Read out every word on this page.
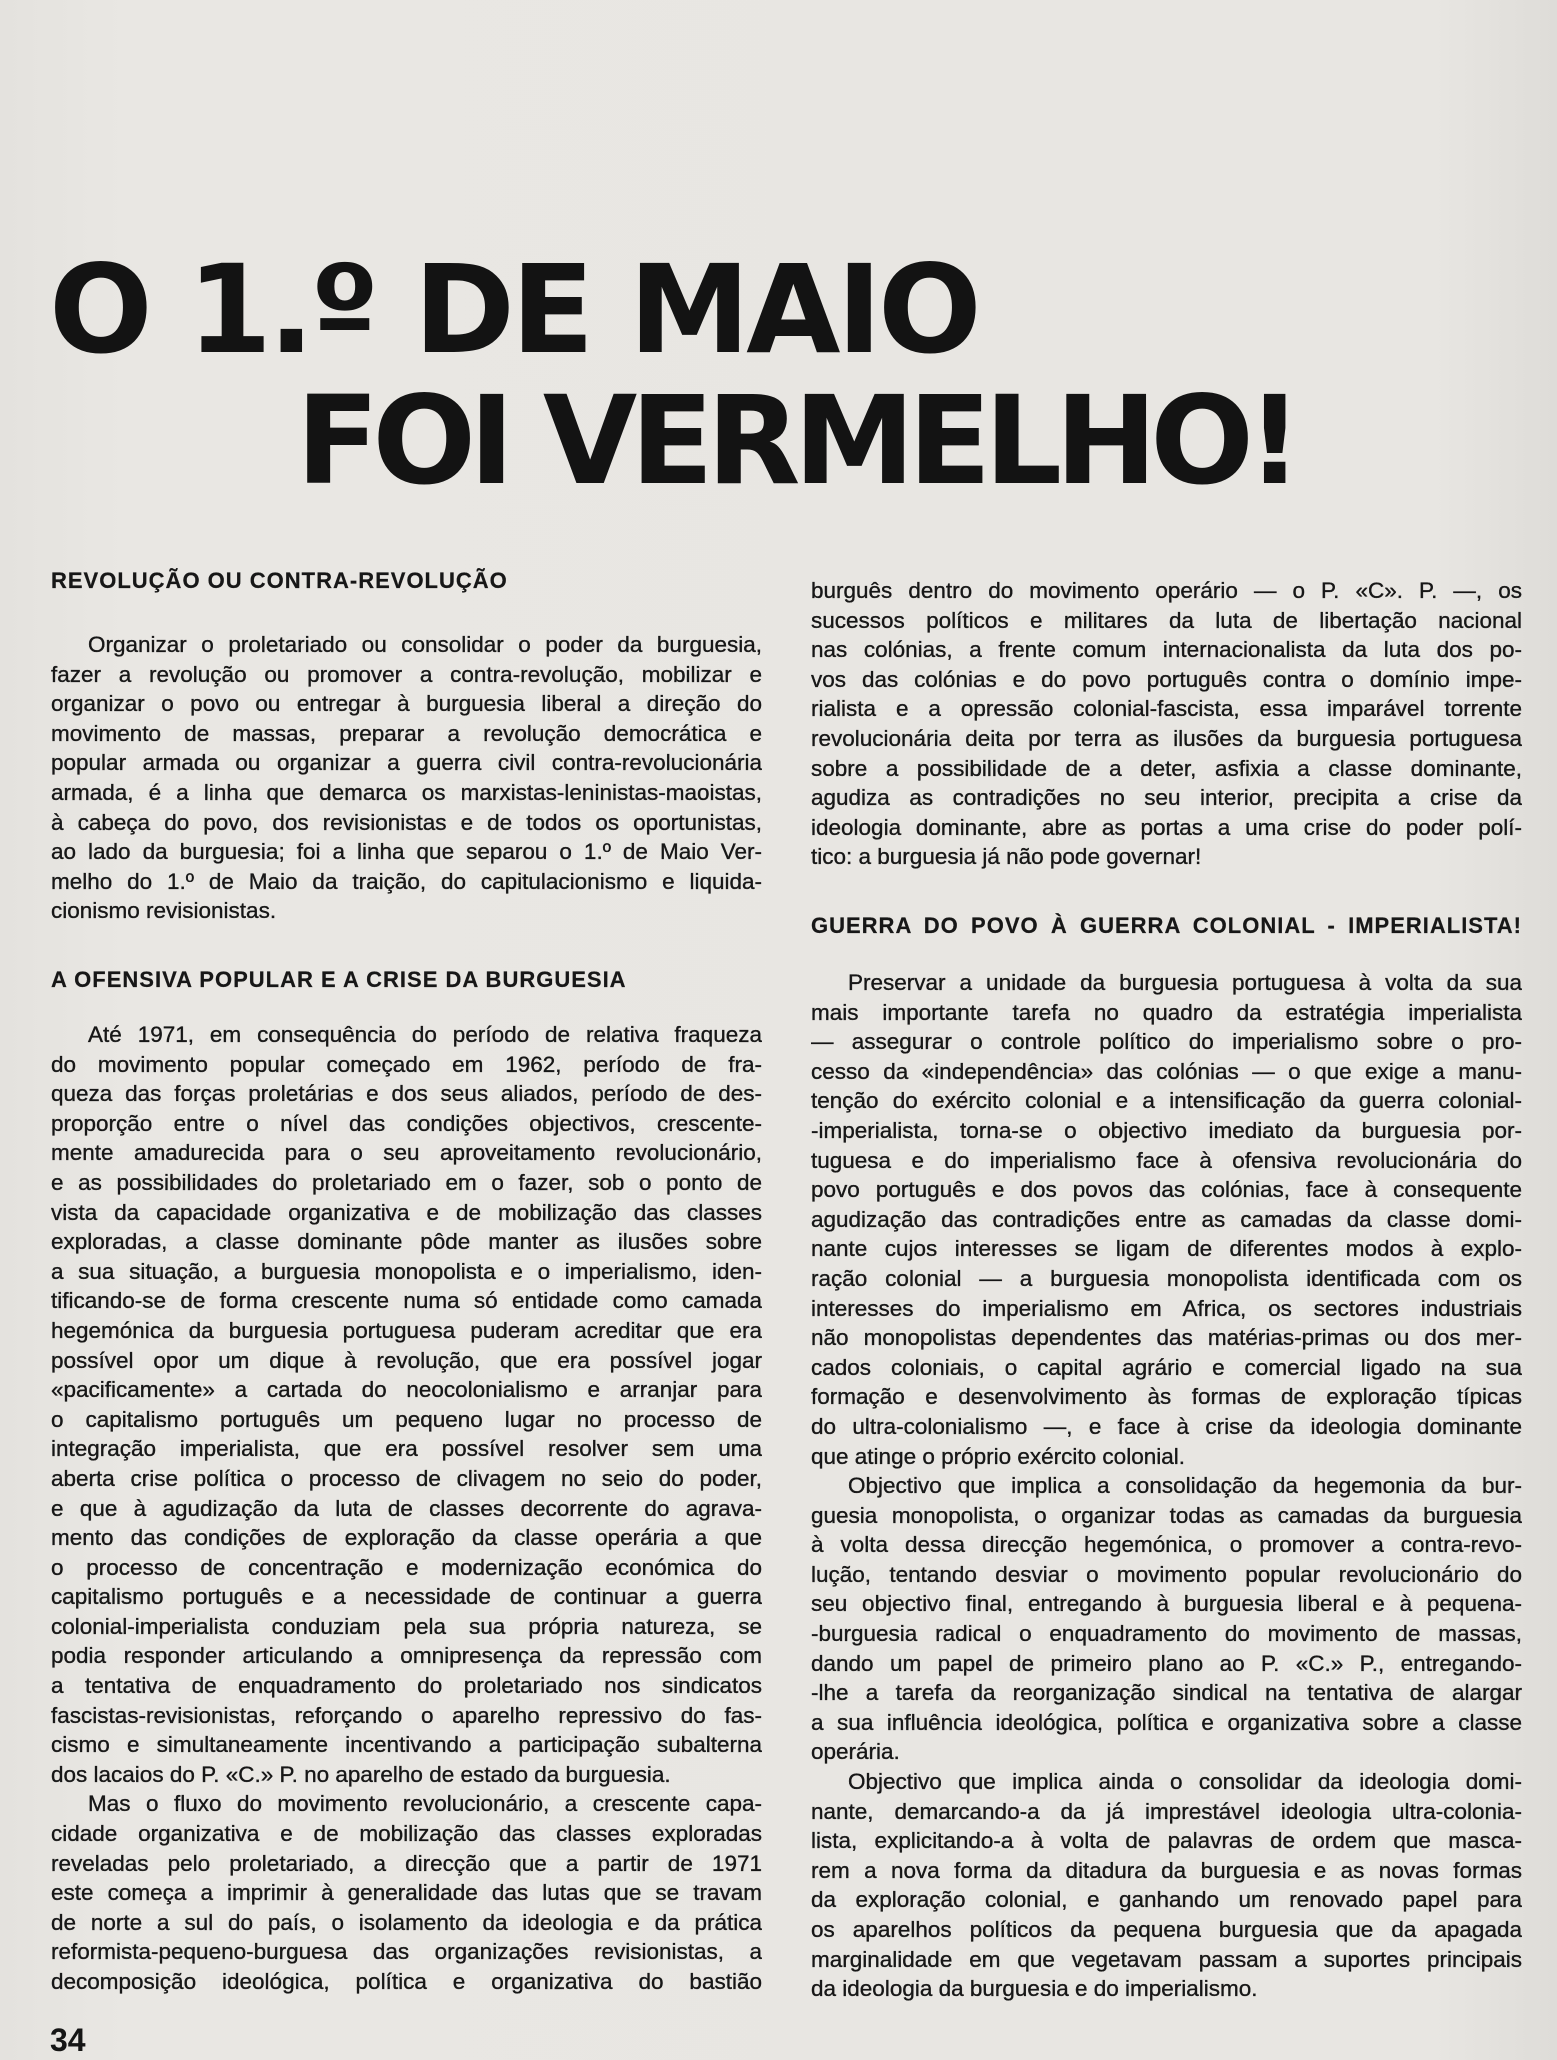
O 1.º DE MAIO
FOI VERMELHO!
REVOLUÇÃO OU CONTRA-REVOLUÇÃO
Organizar o proletariado ou consolidar o poder da burguesia,
fazer a revolução ou promover a contra-revolução, mobilizar e
organizar o povo ou entregar à burguesia liberal a direção do
movimento de massas, preparar a revolução democrática e
popular armada ou organizar a guerra civil contra-revolucionária
armada, é a linha que demarca os marxistas-leninistas-maoistas,
à cabeça do povo, dos revisionistas e de todos os oportunistas,
ao lado da burguesia; foi a linha que separou o 1.º de Maio Ver-
melho do 1.º de Maio da traição, do capitulacionismo e liquida-
cionismo revisionistas.
A OFENSIVA POPULAR E A CRISE DA BURGUESIA
Até 1971, em consequência do período de relativa fraqueza
do movimento popular começado em 1962, período de fra-
queza das forças proletárias e dos seus aliados, período de des-
proporção entre o nível das condições objectivos, crescente-
mente amadurecida para o seu aproveitamento revolucionário,
e as possibilidades do proletariado em o fazer, sob o ponto de
vista da capacidade organizativa e de mobilização das classes
exploradas, a classe dominante pôde manter as ilusões sobre
a sua situação, a burguesia monopolista e o imperialismo, iden-
tificando-se de forma crescente numa só entidade como camada
hegemónica da burguesia portuguesa puderam acreditar que era
possível opor um dique à revolução, que era possível jogar
«pacificamente» a cartada do neocolonialismo e arranjar para
o capitalismo português um pequeno lugar no processo de
integração imperialista, que era possível resolver sem uma
aberta crise política o processo de clivagem no seio do poder,
e que à agudização da luta de classes decorrente do agrava-
mento das condições de exploração da classe operária a que
o processo de concentração e modernização económica do
capitalismo português e a necessidade de continuar a guerra
colonial-imperialista conduziam pela sua própria natureza, se
podia responder articulando a omnipresença da repressão com
a tentativa de enquadramento do proletariado nos sindicatos
fascistas-revisionistas, reforçando o aparelho repressivo do fas-
cismo e simultaneamente incentivando a participação subalterna
dos lacaios do P. «C.» P. no aparelho de estado da burguesia.
Mas o fluxo do movimento revolucionário, a crescente capa-
cidade organizativa e de mobilização das classes exploradas
reveladas pelo proletariado, a direcção que a partir de 1971
este começa a imprimir à generalidade das lutas que se travam
de norte a sul do país, o isolamento da ideologia e da prática
reformista-pequeno-burguesa das organizações revisionistas, a
decomposição ideológica, política e organizativa do bastião
burguês dentro do movimento operário — o P. «C». P. —, os
sucessos políticos e militares da luta de libertação nacional
nas colónias, a frente comum internacionalista da luta dos po-
vos das colónias e do povo português contra o domínio impe-
rialista e a opressão colonial-fascista, essa imparável torrente
revolucionária deita por terra as ilusões da burguesia portuguesa
sobre a possibilidade de a deter, asfixia a classe dominante,
agudiza as contradições no seu interior, precipita a crise da
ideologia dominante, abre as portas a uma crise do poder polí-
tico: a burguesia já não pode governar!
GUERRA DO POVO À GUERRA COLONIAL - IMPERIALISTA!
Preservar a unidade da burguesia portuguesa à volta da sua
mais importante tarefa no quadro da estratégia imperialista
— assegurar o controle político do imperialismo sobre o pro-
cesso da «independência» das colónias — o que exige a manu-
tenção do exército colonial e a intensificação da guerra colonial-
-imperialista, torna-se o objectivo imediato da burguesia por-
tuguesa e do imperialismo face à ofensiva revolucionária do
povo português e dos povos das colónias, face à consequente
agudização das contradições entre as camadas da classe domi-
nante cujos interesses se ligam de diferentes modos à explo-
ração colonial — a burguesia monopolista identificada com os
interesses do imperialismo em Africa, os sectores industriais
não monopolistas dependentes das matérias-primas ou dos mer-
cados coloniais, o capital agrário e comercial ligado na sua
formação e desenvolvimento às formas de exploração típicas
do ultra-colonialismo —, e face à crise da ideologia dominante
que atinge o próprio exército colonial.
Objectivo que implica a consolidação da hegemonia da bur-
guesia monopolista, o organizar todas as camadas da burguesia
à volta dessa direcção hegemónica, o promover a contra-revo-
lução, tentando desviar o movimento popular revolucionário do
seu objectivo final, entregando à burguesia liberal e à pequena-
-burguesia radical o enquadramento do movimento de massas,
dando um papel de primeiro plano ao P. «C.» P., entregando-
-lhe a tarefa da reorganização sindical na tentativa de alargar
a sua influência ideológica, política e organizativa sobre a classe
operária.
Objectivo que implica ainda o consolidar da ideologia domi-
nante, demarcando-a da já imprestável ideologia ultra-colonia-
lista, explicitando-a à volta de palavras de ordem que masca-
rem a nova forma da ditadura da burguesia e as novas formas
da exploração colonial, e ganhando um renovado papel para
os aparelhos políticos da pequena burguesia que da apagada
marginalidade em que vegetavam passam a suportes principais
da ideologia da burguesia e do imperialismo.
34
